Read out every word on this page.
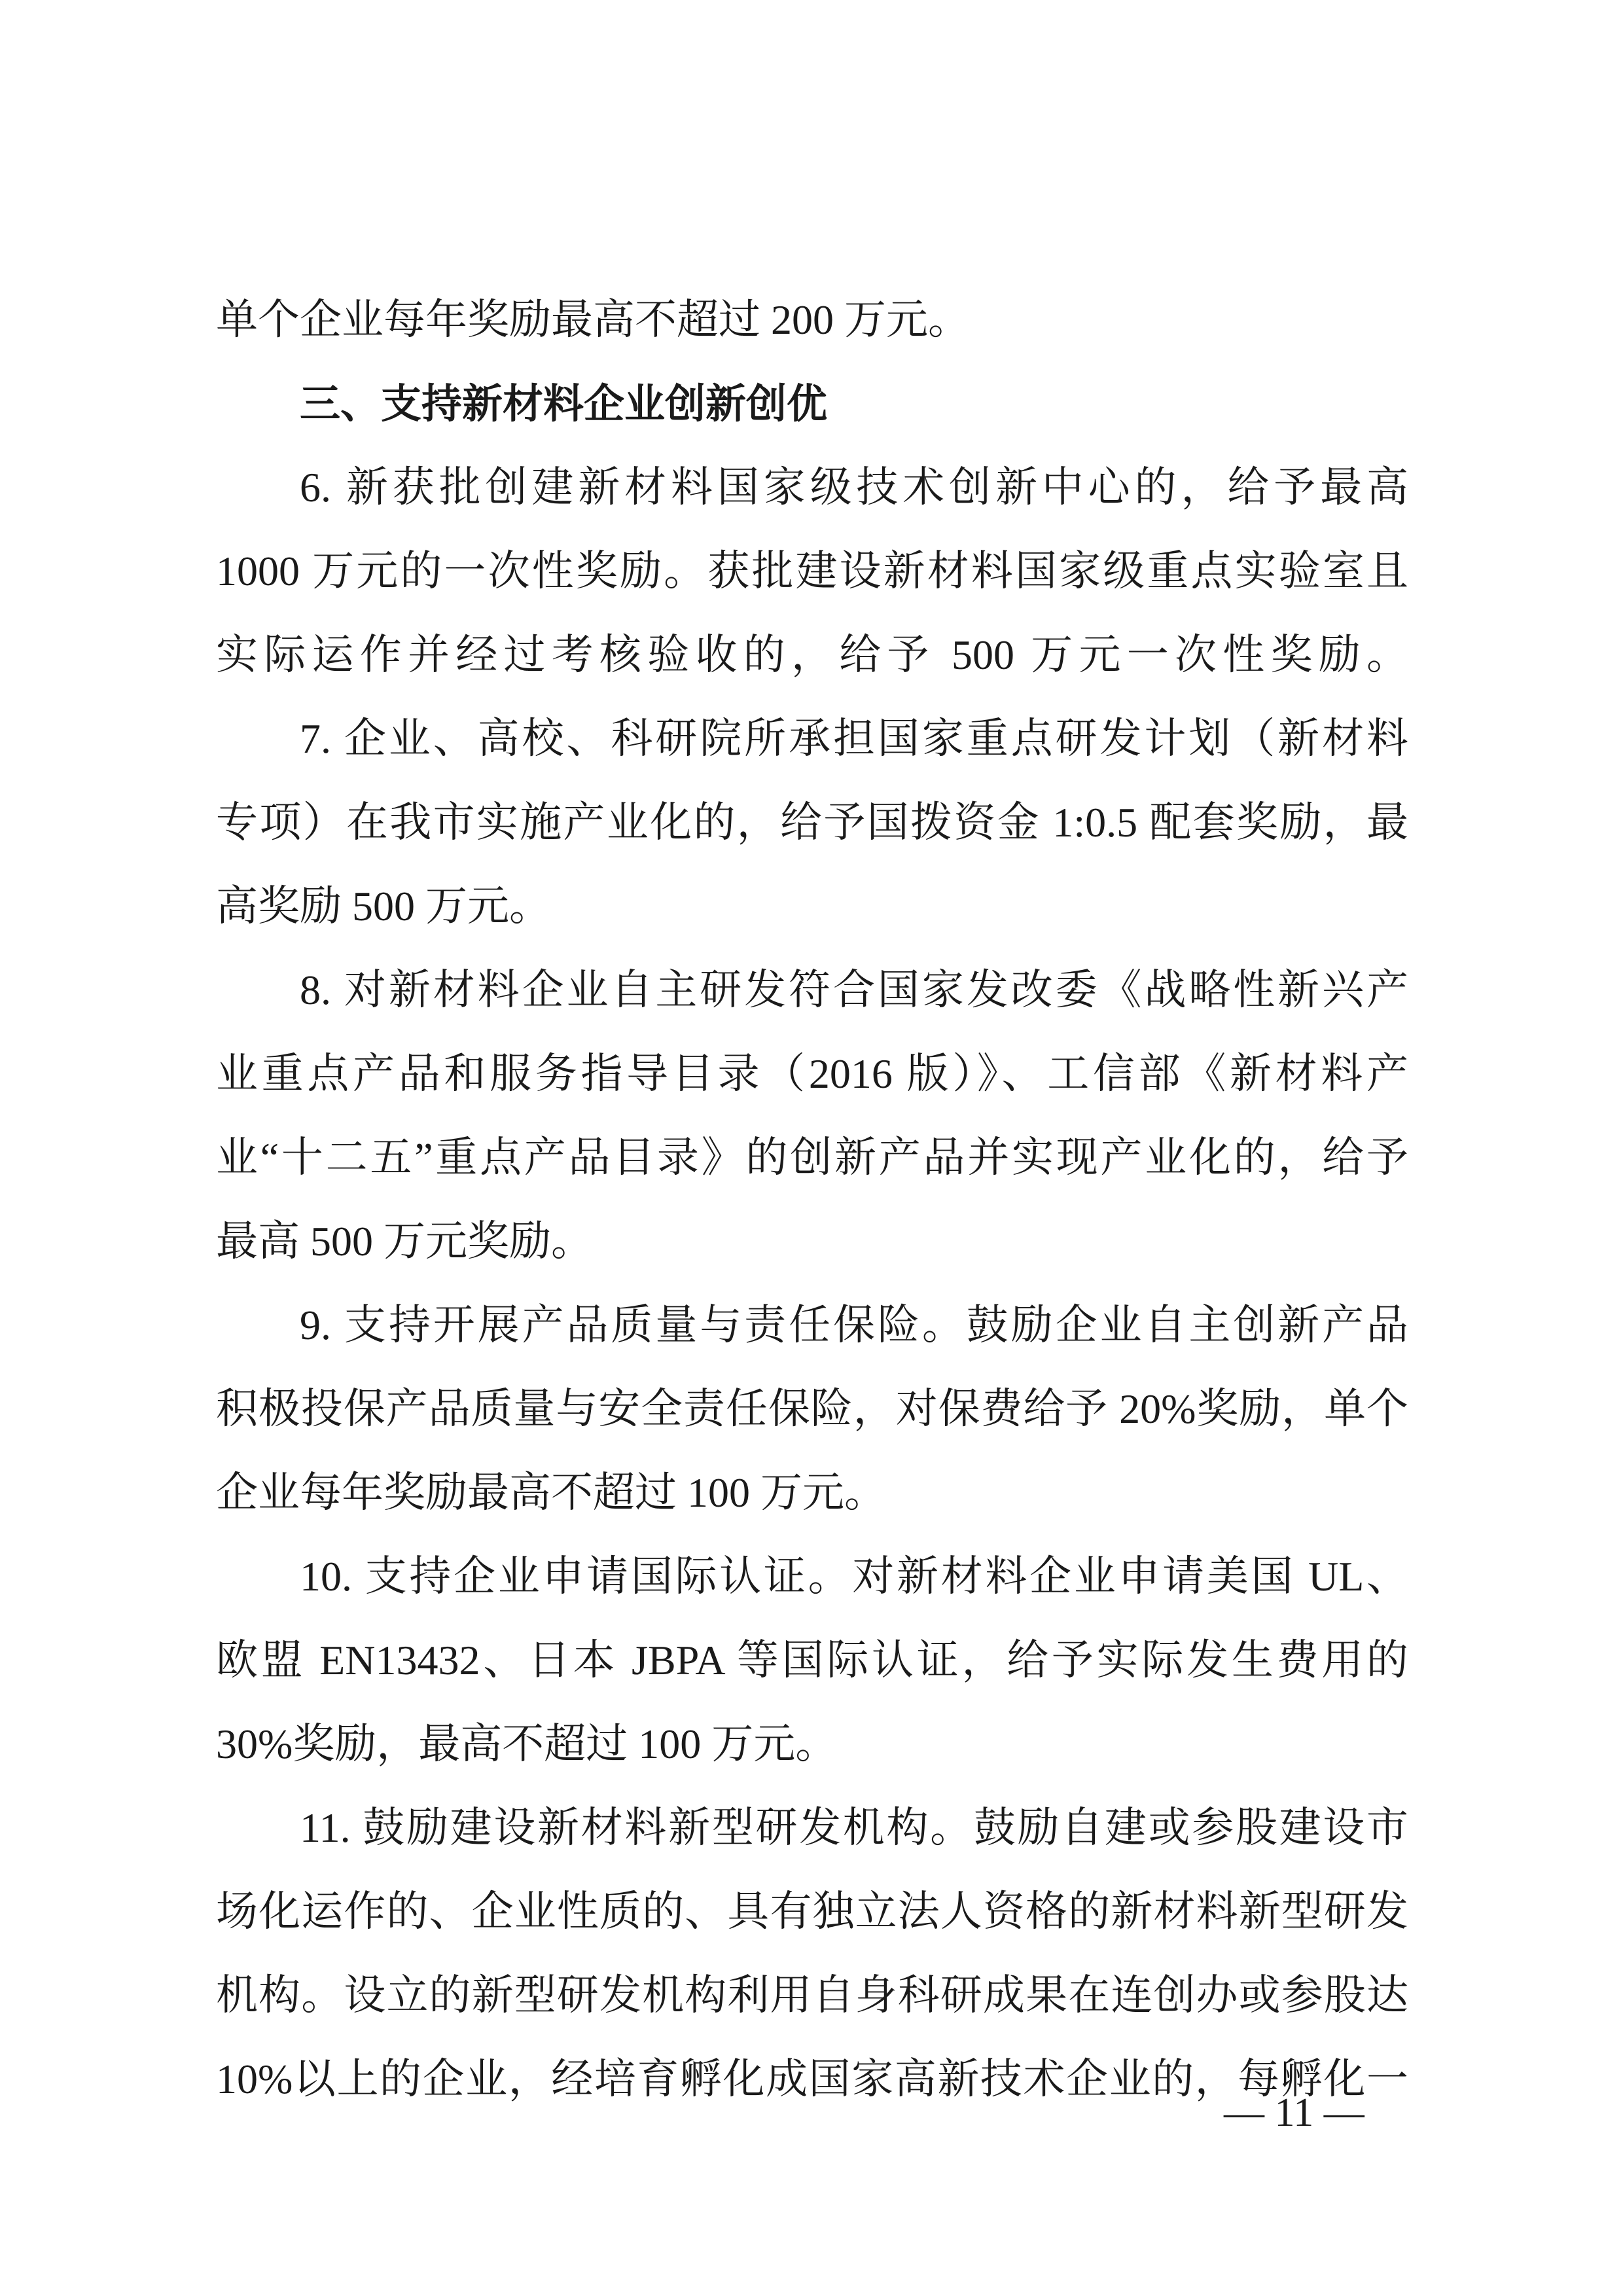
单个企业每年奖励最高不超过 200 万元。
三、支持新材料企业创新创优
6. 新获批创建新材料国家级技术创新中心的，给予最高
1000 万元的一次性奖励。获批建设新材料国家级重点实验室且
实际运作并经过考核验收的，给予 500 万元一次性奖励。
7. 企业、高校、科研院所承担国家重点研发计划（新材料
专项）在我市实施产业化的，给予国拨资金 1:0.5 配套奖励，最
高奖励 500 万元。
8. 对新材料企业自主研发符合国家发改委《战略性新兴产
业重点产品和服务指导目录（2016 版）》、工信部《新材料产
业“十二五”重点产品目录》的创新产品并实现产业化的，给予
最高 500 万元奖励。
9. 支持开展产品质量与责任保险。鼓励企业自主创新产品
积极投保产品质量与安全责任保险，对保费给予 20%奖励，单个
企业每年奖励最高不超过 100 万元。
10. 支持企业申请国际认证。对新材料企业申请美国 UL、
欧盟 EN13432、日本 JBPA 等国际认证，给予实际发生费用的
30%奖励，最高不超过 100 万元。
11. 鼓励建设新材料新型研发机构。鼓励自建或参股建设市
场化运作的、企业性质的、具有独立法人资格的新材料新型研发
机构。设立的新型研发机构利用自身科研成果在连创办或参股达
10%以上的企业，经培育孵化成国家高新技术企业的，每孵化一
— 11 —
